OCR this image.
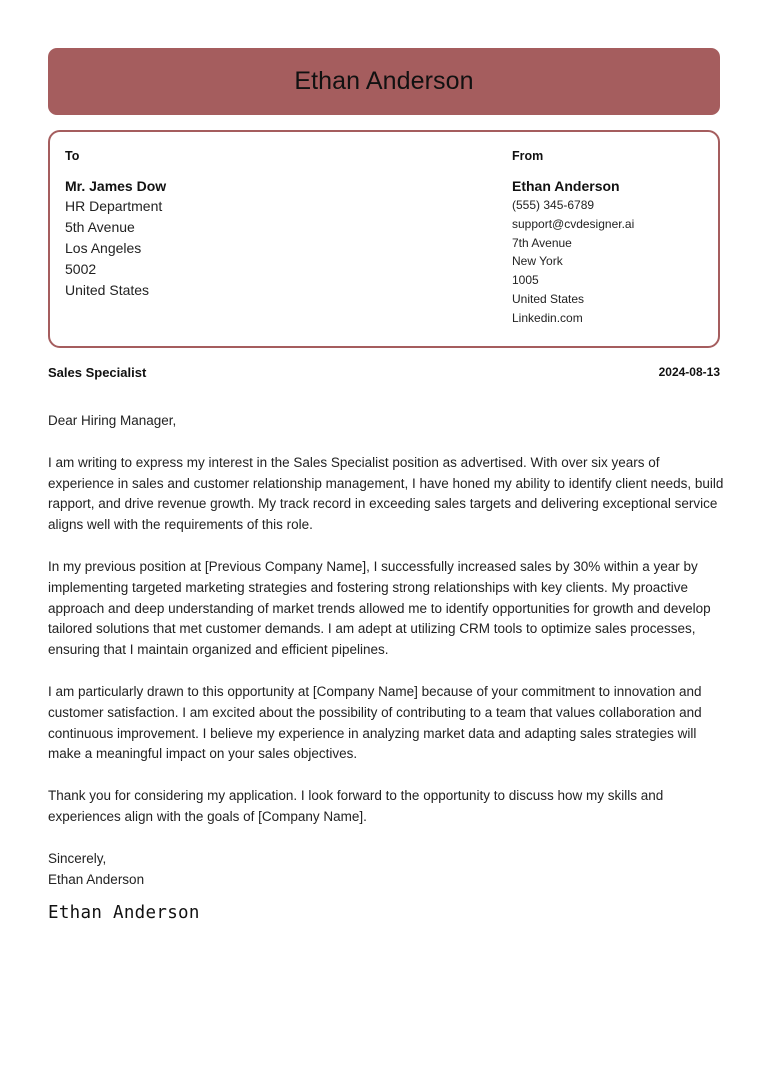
Ethan Anderson
To
Mr. James Dow
HR Department
5th Avenue
Los Angeles
5002
United States
From
Ethan Anderson
(555) 345-6789
support@cvdesigner.ai
7th Avenue
New York
1005
United States
Linkedin.com
Sales Specialist	2024-08-13

Dear Hiring Manager,

I am writing to express my interest in the Sales Specialist position as advertised. With over six years of experience in sales and customer relationship management, I have honed my ability to identify client needs, build rapport, and drive revenue growth. My track record in exceeding sales targets and delivering exceptional service aligns well with the requirements of this role.

In my previous position at [Previous Company Name], I successfully increased sales by 30% within a year by implementing targeted marketing strategies and fostering strong relationships with key clients. My proactive approach and deep understanding of market trends allowed me to identify opportunities for growth and develop tailored solutions that met customer demands. I am adept at utilizing CRM tools to optimize sales processes, ensuring that I maintain organized and efficient pipelines.

I am particularly drawn to this opportunity at [Company Name] because of your commitment to innovation and customer satisfaction. I am excited about the possibility of contributing to a team that values collaboration and continuous improvement. I believe my experience in analyzing market data and adapting sales strategies will make a meaningful impact on your sales objectives.

Thank you for considering my application. I look forward to the opportunity to discuss how my skills and experiences align with the goals of [Company Name].

Sincerely,

Ethan Anderson

Ethan Anderson
